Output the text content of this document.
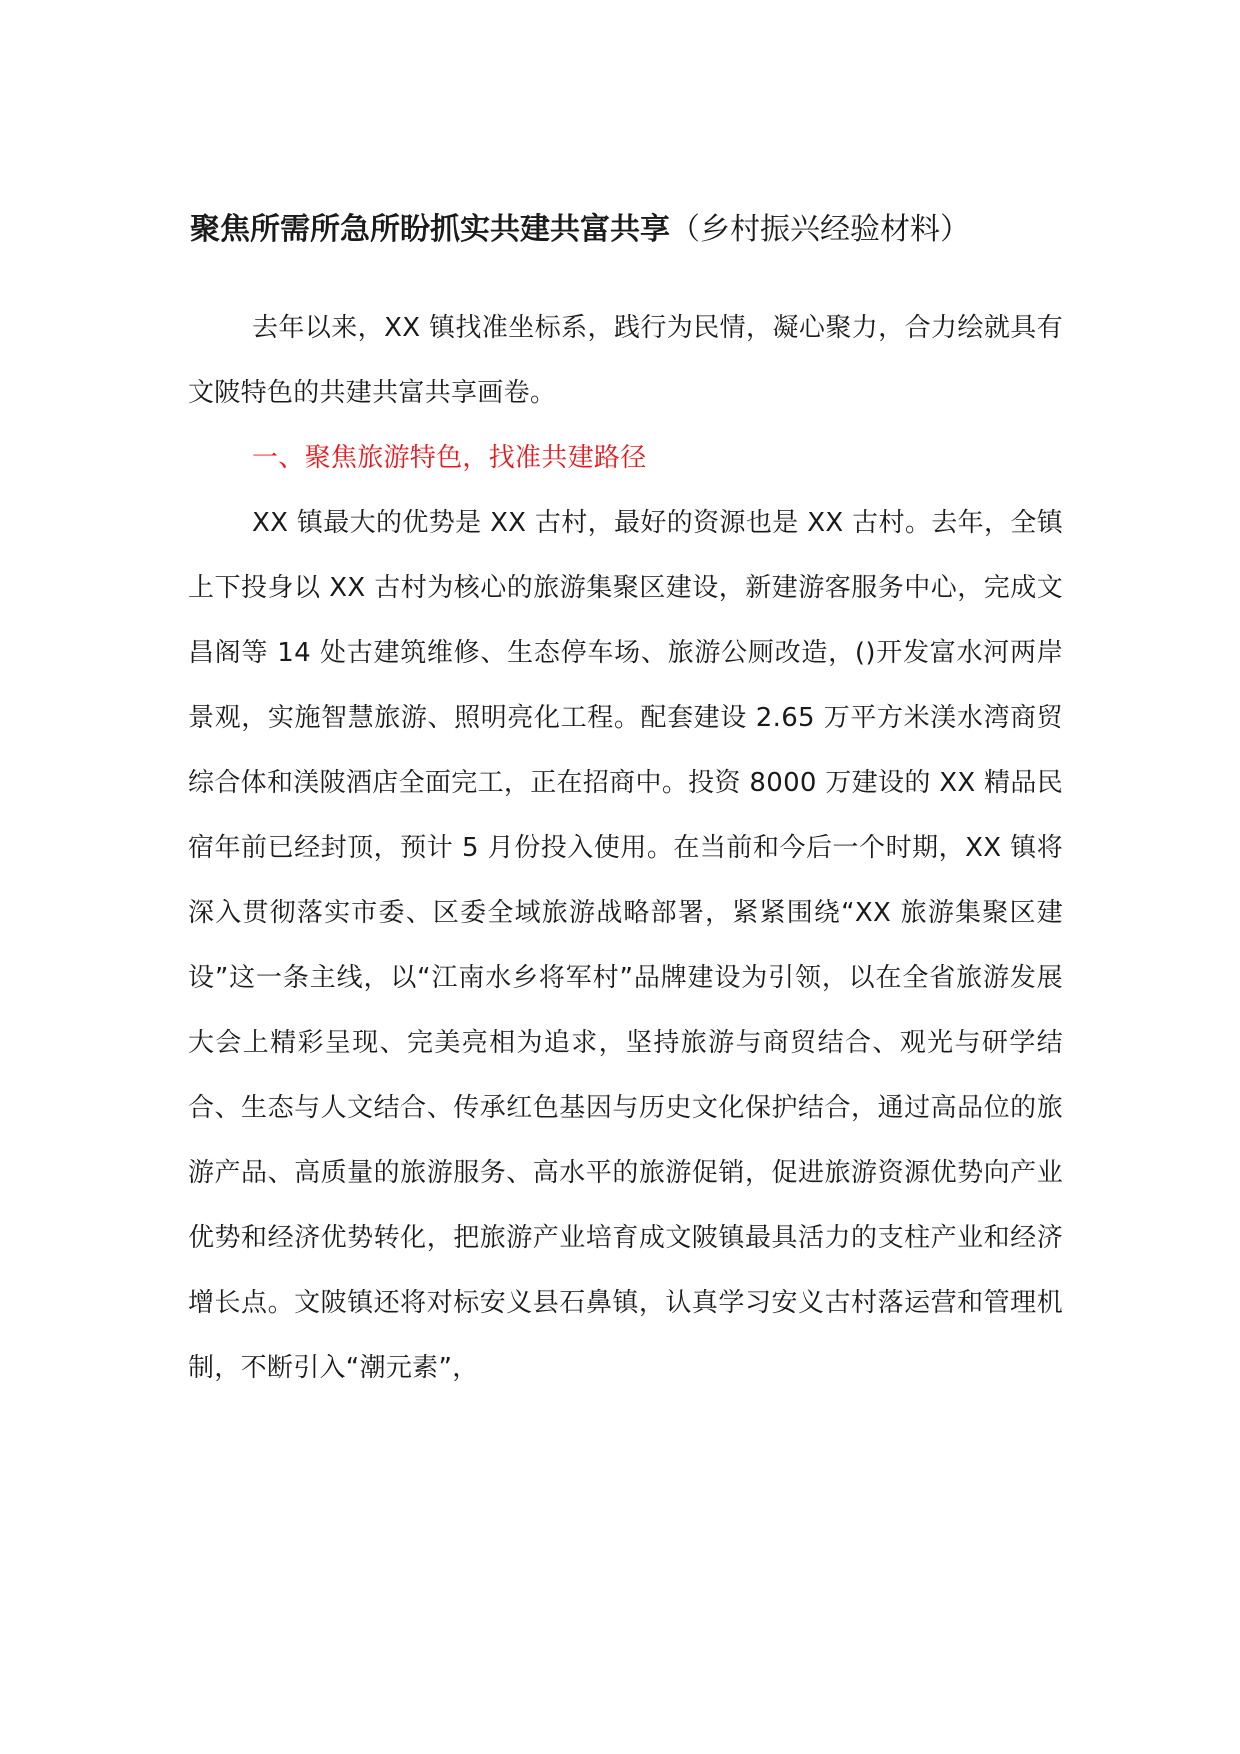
聚焦所需所急所盼抓实共建共富共享（乡村振兴经验材料）

去年以来，XX 镇找准坐标系，践行为民情，凝心聚力，合力绘就具有文陂特色的共建共富共享画卷。

一、聚焦旅游特色，找准共建路径

XX 镇最大的优势是 XX 古村，最好的资源也是 XX 古村。去年，全镇上下投身以 XX 古村为核心的旅游集聚区建设，新建游客服务中心，完成文昌阁等 14 处古建筑维修、生态停车场、旅游公厕改造，()开发富水河两岸景观，实施智慧旅游、照明亮化工程。配套建设 2.65 万平方米渼水湾商贸综合体和渼陂酒店全面完工，正在招商中。投资 8000 万建设的 XX 精品民宿年前已经封顶，预计 5 月份投入使用。在当前和今后一个时期，XX 镇将深入贯彻落实市委、区委全域旅游战略部署，紧紧围绕“XX 旅游集聚区建设”这一条主线，以“江南水乡将军村”品牌建设为引领，以在全省旅游发展大会上精彩呈现、完美亮相为追求，坚持旅游与商贸结合、观光与研学结合、生态与人文结合、传承红色基因与历史文化保护结合，通过高品位的旅游产品、高质量的旅游服务、高水平的旅游促销，促进旅游资源优势向产业优势和经济优势转化，把旅游产业培育成文陂镇最具活力的支柱产业和经济增长点。文陂镇还将对标安义县石鼻镇，认真学习安义古村落运营和管理机制，不断引入“潮元素”，
